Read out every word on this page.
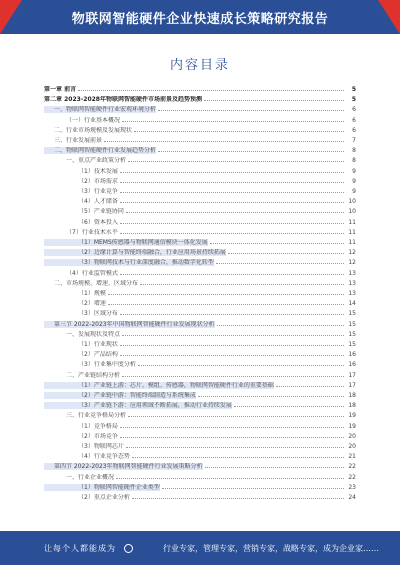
物联网智能硬件企业快速成长策略研究报告
内容目录
第一章 前言	5
第二章 2023-2028年物联网智能硬件市场前景及趋势预测	5
一、物联网智能硬件行业宏观环境分析	6
（一）行业基本概况	6
二、行业市场规模及发展现状	6
三、行业发展前景	7
二、物联网智能硬件行业发展趋势分析	8
一、重点产业政策分析	8
（1）技术发展	9
（2）市场需求	9
（3）行业竞争	9
（4）人才储备	10
（5）产业链协同	10
（6）资本投入	11
（7）行业技术水平	11
（1）MEMS传感器与物联网通信模块一体化发展	11
（2）边缘计算与智能终端融合，行业应用场景持续拓展	12
（3）物联网技术与行业深度融合，推动数字化转型	12
（4）行业监管模式	13
二、市场规模、增速、区域分布	13
（1）规模	13
（2）增速	14
（3）区域分布	15
第三节 2022-2023年中国物联网智能硬件行业发展现状分析	15
一、发展现状及特点	15
（1）行业现状	15
（2）产品结构	16
（3）行业集中度分析	16
二、产业链结构分析	17
（1）产业链上游：芯片、模组、传感器，物联网智能硬件行业的重要基础	17
（2）产业链中游：智能终端制造与系统集成	18
（3）产业链下游：应用领域不断拓展，推动行业持续发展	18
三、行业竞争格局分析	19
（1）竞争格局	19
（2）市场竞争	20
（3）物联网芯片	20
（4）行业竞争态势	21
第四节 2022-2023年物联网智能硬件行业发展策略分析	22
一、行业企业概况	22
（1）物联网智能硬件企业类型	23
（2）重点企业分析	24
让每个人都能成为	行业专家，管理专家，营销专家，战略专家，成为企业家……
